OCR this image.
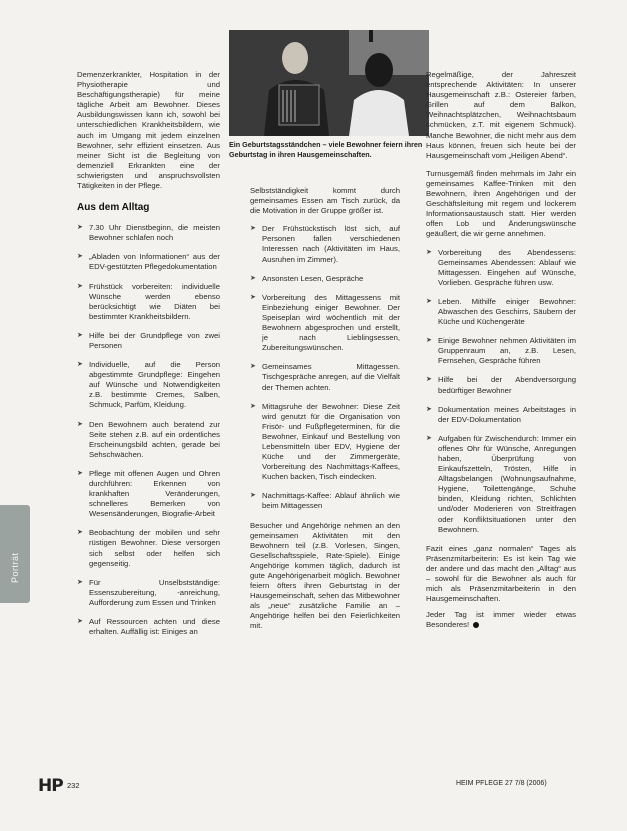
Ein Geburtstagsständchen – viele Bewohner feiern ihren Geburtstag in ihren Hausgemeinschaften.

Demenzerkrankter, Hospitation in der Physiotherapie und Beschäftigungstherapie) für meine tägliche Arbeit am Bewohner. Dieses Ausbildungswissen kann ich, sowohl bei unterschiedlichen Krankheitsbildern, wie auch im Umgang mit jedem einzelnen Bewohner, sehr effizient einsetzen. Aus meiner Sicht ist die Begleitung von demenziell Erkrankten eine der schwierigsten und anspruchsvollsten Tätigkeiten in der Pflege.

Aus dem Alltag
➤ 7.30 Uhr Dienstbeginn, die meisten Bewohner schlafen noch
➤ „Abladen von Informationen“ aus der EDV-gestützten Pflegedokumentation
➤ Frühstück vorbereiten: individuelle Wünsche werden ebenso berücksichtigt wie Diäten bei bestimmter Krankheitsbildern.
➤ Hilfe bei der Grundpflege von zwei Personen
➤ Individuelle, auf die Person abgestimmte Grundpflege: Eingehen auf Wünsche und Notwendigkeiten z.B. bestimmte Cremes, Salben, Schmuck, Parfüm, Kleidung.
➤ Den Bewohnern auch beratend zur Seite stehen z.B. auf ein ordentliches Erscheinungsbild achten, gerade bei Sehschwächen.
➤ Pflege mit offenen Augen und Ohren durchführen: Erkennen von krankhaften Veränderungen, schnelleres Bemerken von Wesensänderungen, Biografie-Arbeit
➤ Beobachtung der mobilen und sehr rüstigen Bewohner. Diese versorgen sich selbst oder helfen sich gegenseitig.
➤ Für Unselbstständige: Essenszubereitung, -anreichung, Aufforderung zum Essen und Trinken
➤ Auf Ressourcen achten und diese erhalten. Auffällig ist: Einiges an

Selbstständigkeit kommt durch gemeinsames Essen am Tisch zurück, da die Motivation in der Gruppe größer ist.

➤ Der Frühstückstisch löst sich, auf Personen fallen verschiedenen Interessen nach (Aktivitäten im Haus, Ausruhen im Zimmer).
➤ Ansonsten Lesen, Gespräche
➤ Vorbereitung des Mittagessens mit Einbeziehung einiger Bewohner. Der Speiseplan wird wöchentlich mit der Bewohnern abgesprochen und erstellt, je nach Lieblingsessen, Zubereitungswünschen.
➤ Gemeinsames Mittagessen. Tischgespräche anregen, auf die Vielfalt der Themen achten.
➤ Mittagsruhe der Bewohner: Diese Zeit wird genutzt für die Organisation von Frisör- und Fußpflegeterminen, für die Bewohner, Einkauf und Bestellung von Lebensmitteln über EDV, Hygiene der Küche und der Zimmergeräte, Vorbereitung des Nachmittags-Kaffees, Kuchen backen, Tisch eindecken.
➤ Nachmittags-Kaffee: Ablauf ähnlich wie beim Mittagessen

Besucher und Angehörige nehmen an den gemeinsamen Aktivitäten mit den Bewohnern teil (z.B. Vorlesen, Singen, Gesellschaftsspiele, Rate-Spiele). Einige Angehörige kommen täglich, dadurch ist gute Angehörigenarbeit möglich. Bewohner feiern öfters ihren Geburtstag in der Hausgemeinschaft, sehen das Mitbewohner als „neue“ zusätzliche Familie an – Angehörige helfen bei den Feierlichkeiten mit.

Regelmäßige, der Jahreszeit entsprechende Aktivitäten: In unserer Hausgemeinschaft z.B.: Ostereier färben, Grillen auf dem Balkon, Weihnachtsplätzchen, Weihnachtsbaum schmücken, z.T. mit eigenem Schmuck). Manche Bewohner, die nicht mehr aus dem Haus können, freuen sich heute bei der Hausgemeinschaft vom „Heiligen Abend“.

Turnusgemäß finden mehrmals im Jahr ein gemeinsames Kaffee-Trinken mit den Bewohnern, ihren Angehörigen und der Geschäftsleitung mit regem und lockerem Informationsaustausch statt. Hier werden offen Lob und Änderungswünsche geäußert, die wir gerne annehmen.

➤ Vorbereitung des Abendessens: Gemeinsames Abendessen: Ablauf wie Mittagessen. Eingehen auf Wünsche, Vorlieben. Gespräche führen usw.
➤ Leben. Mithilfe einiger Bewohner: Abwaschen des Geschirrs, Säubern der Küche und Küchengeräte
➤ Einige Bewohner nehmen Aktivitäten im Gruppenraum an, z.B. Lesen, Fernsehen, Gespräche führen
➤ Hilfe bei der Abendversorgung bedürftiger Bewohner
➤ Dokumentation meines Arbeitstages in der EDV-Dokumentation
➤ Aufgaben für Zwischendurch: Immer ein offenes Ohr für Wünsche, Anregungen haben, Überprüfung von Einkaufszetteln, Trösten, Hilfe in Alltagsbelangen (Wohnungsaufnahme, Hygiene, Toilettengänge, Schuhe binden, Kleidung richten, Schlichten und/oder Moderieren von Streitfragen oder Konfliktsituationen unter den Bewohnern.

Fazit eines „ganz normalen“ Tages als Präsenzmitarbeiterin: Es ist kein Tag wie der andere und das macht den „Alltag“ aus – sowohl für die Bewohner als auch für mich als Präsenzmitarbeiterin in den Hausgemeinschaften.

Jeder Tag ist immer wieder etwas Besonderes!

Porträt
HP 232	HEIM PFLEGE 27 7/8 (2006)
